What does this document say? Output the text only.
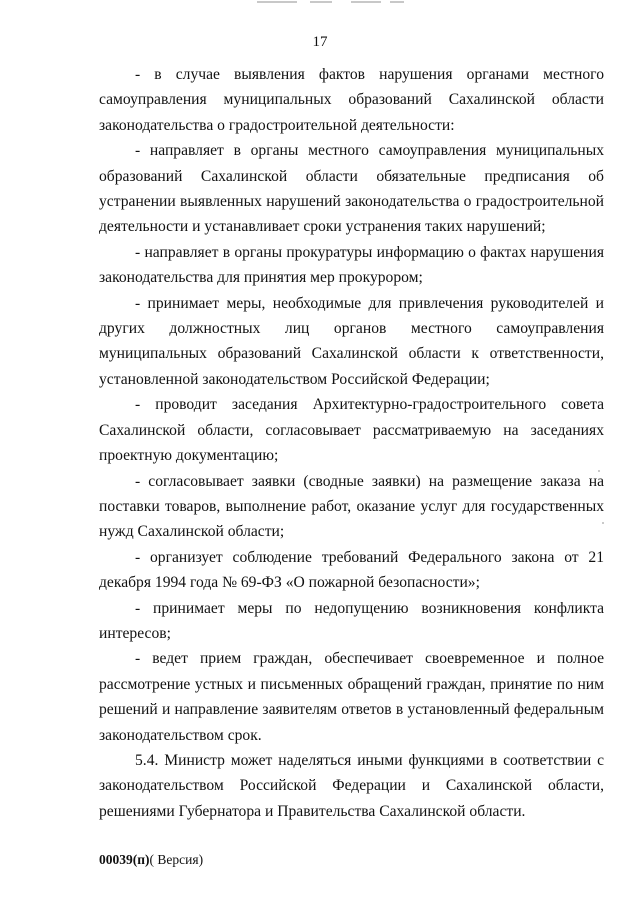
17

- в случае выявления фактов нарушения органами местного самоуправления муниципальных образований Сахалинской области законодательства о градостроительной деятельности:

- направляет в органы местного самоуправления муниципальных образований Сахалинской области обязательные предписания об устранении выявленных нарушений законодательства о градостроительной деятельности и устанавливает сроки устранения таких нарушений;

- направляет в органы прокуратуры информацию о фактах нарушения законодательства для принятия мер прокурором;

- принимает меры, необходимые для привлечения руководителей и других должностных лиц органов местного самоуправления муниципальных образований Сахалинской области к ответственности, установленной законодательством Российской Федерации;

- проводит заседания Архитектурно-градостроительного совета Сахалинской области, согласовывает рассматриваемую на заседаниях проектную документацию;

- согласовывает заявки (сводные заявки) на размещение заказа на поставки товаров, выполнение работ, оказание услуг для государственных нужд Сахалинской области;

- организует соблюдение требований Федерального закона от 21 декабря 1994 года № 69-ФЗ «О пожарной безопасности»;

- принимает меры по недопущению возникновения конфликта интересов;

- ведет прием граждан, обеспечивает своевременное и полное рассмотрение устных и письменных обращений граждан, принятие по ним решений и направление заявителям ответов в установленный федеральным законодательством срок.

5.4. Министр может наделяться иными функциями в соответствии с законодательством Российской Федерации и Сахалинской области, решениями Губернатора и Правительства Сахалинской области.

00039(п)( Версия)
